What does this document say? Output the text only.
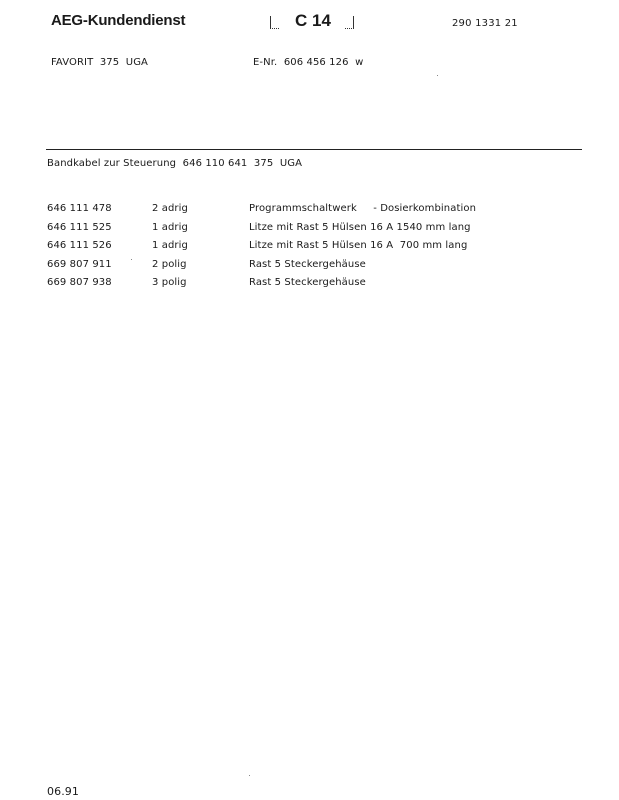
AEG-Kundendienst	C 14	290 1331 21
FAVORIT  375  UGA	E-Nr.  606 456 126  w
Bandkabel zur Steuerung  646 110 641  375  UGA
646 111 478	2 adrig	Programmschaltwerk     - Dosierkombination
646 111 525	1 adrig	Litze mit Rast 5 Hülsen 16 A 1540 mm lang
646 111 526	1 adrig	Litze mit Rast 5 Hülsen 16 A  700 mm lang
669 807 911	2 polig	Rast 5 Steckergehäuse
669 807 938	3 polig	Rast 5 Steckergehäuse
06.91
